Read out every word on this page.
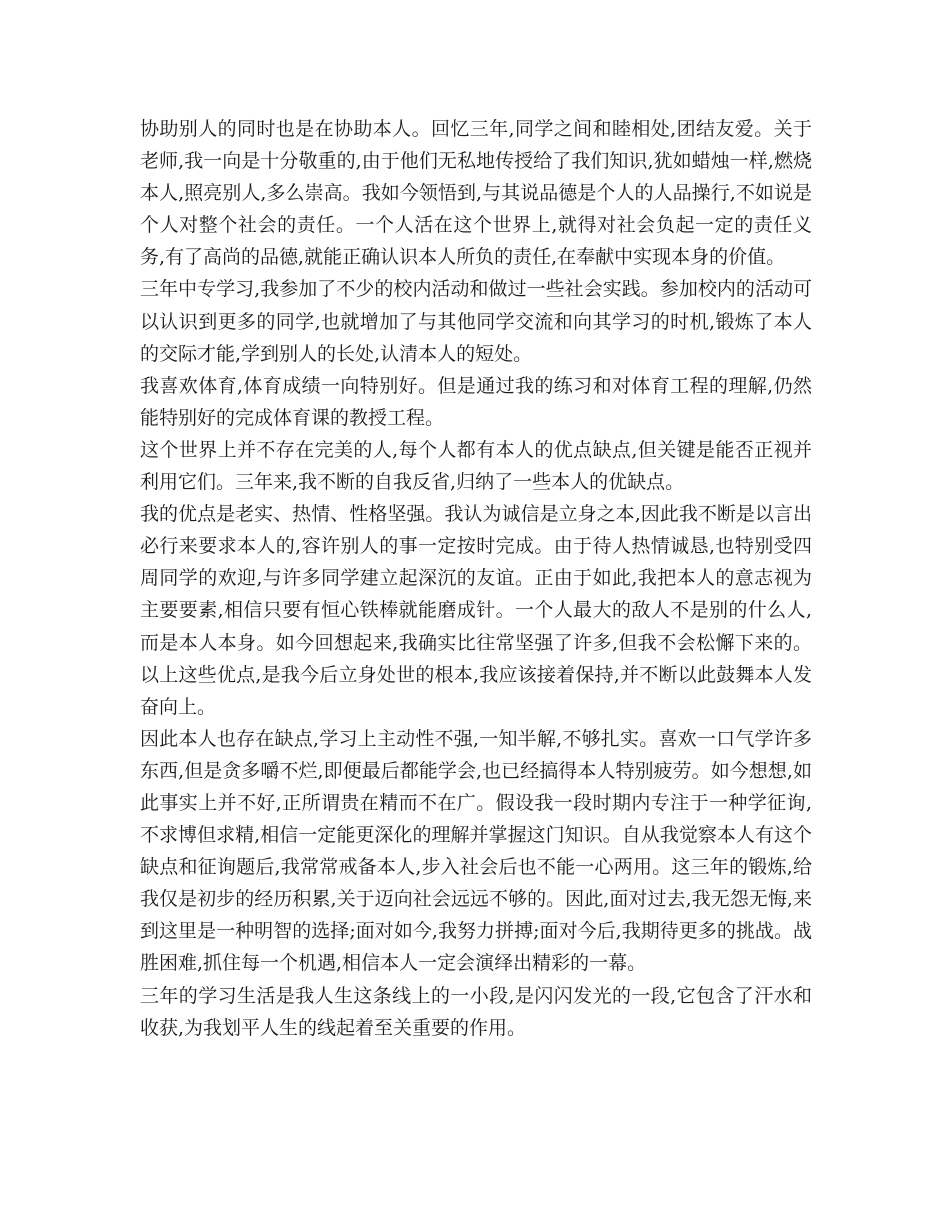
协助别人的同时也是在协助本人。回忆三年,同学之间和睦相处,团结友爱。关于老师,我一向是十分敬重的,由于他们无私地传授给了我们知识,犹如蜡烛一样,燃烧本人,照亮别人,多么崇高。我如今领悟到,与其说品德是个人的人品操行,不如说是个人对整个社会的责任。一个人活在这个世界上,就得对社会负起一定的责任义务,有了高尚的品德,就能正确认识本人所负的责任,在奉献中实现本身的价值。

三年中专学习,我参加了不少的校内活动和做过一些社会实践。参加校内的活动可以认识到更多的同学,也就增加了与其他同学交流和向其学习的时机,锻炼了本人的交际才能,学到别人的长处,认清本人的短处。

我喜欢体育,体育成绩一向特别好。但是通过我的练习和对体育工程的理解,仍然能特别好的完成体育课的教授工程。

这个世界上并不存在完美的人,每个人都有本人的优点缺点,但关键是能否正视并利用它们。三年来,我不断的自我反省,归纳了一些本人的优缺点。

我的优点是老实、热情、性格坚强。我认为诚信是立身之本,因此我不断是以言出必行来要求本人的,容许别人的事一定按时完成。由于待人热情诚恳,也特别受四周同学的欢迎,与许多同学建立起深沉的友谊。正由于如此,我把本人的意志视为主要要素,相信只要有恒心铁棒就能磨成针。一个人最大的敌人不是别的什么人,而是本人本身。如今回想起来,我确实比往常坚强了许多,但我不会松懈下来的。以上这些优点,是我今后立身处世的根本,我应该接着保持,并不断以此鼓舞本人发奋向上。

因此本人也存在缺点,学习上主动性不强,一知半解,不够扎实。喜欢一口气学许多东西,但是贪多嚼不烂,即便最后都能学会,也已经搞得本人特别疲劳。如今想想,如此事实上并不好,正所谓贵在精而不在广。假设我一段时期内专注于一种学征询,不求博但求精,相信一定能更深化的理解并掌握这门知识。自从我觉察本人有这个缺点和征询题后,我常常戒备本人,步入社会后也不能一心两用。这三年的锻炼,给我仅是初步的经历积累,关于迈向社会远远不够的。因此,面对过去,我无怨无悔,来到这里是一种明智的选择;面对如今,我努力拼搏;面对今后,我期待更多的挑战。战胜困难,抓住每一个机遇,相信本人一定会演绎出精彩的一幕。

三年的学习生活是我人生这条线上的一小段,是闪闪发光的一段,它包含了汗水和收获,为我划平人生的线起着至关重要的作用。
